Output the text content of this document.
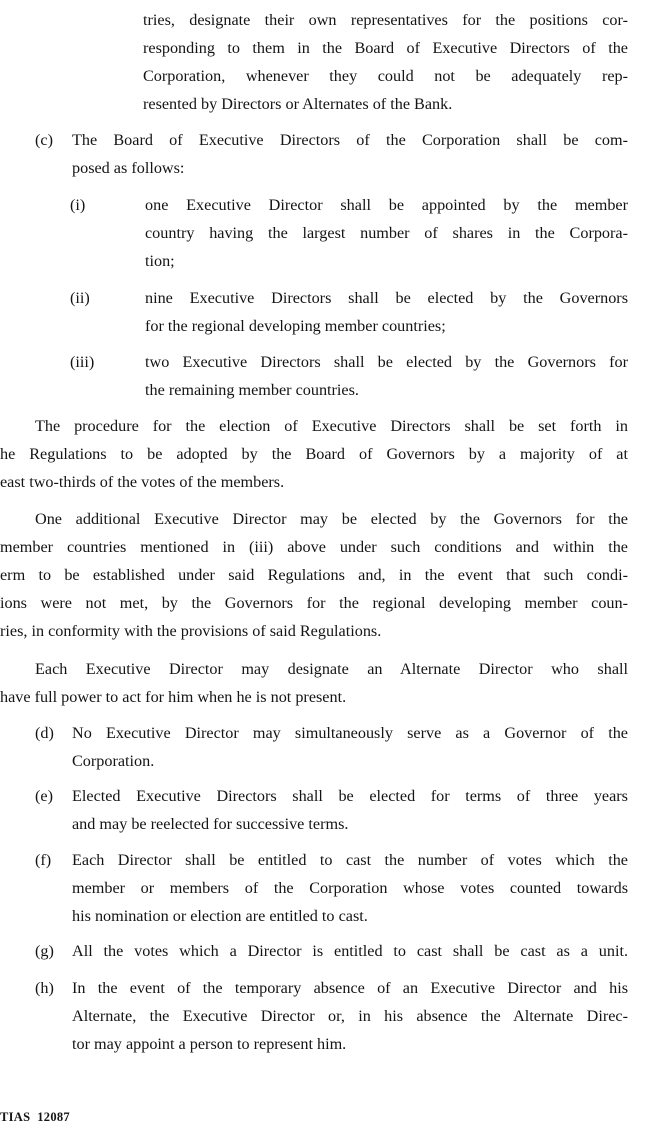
tries, designate their own representatives for the positions cor-
responding to them in the Board of Executive Directors of the
Corporation, whenever they could not be adequately rep-
resented by Directors or Alternates of the Bank.
(c) The Board of Executive Directors of the Corporation shall be com-
posed as follows:
(i)	one Executive Director shall be appointed by the member
country having the largest number of shares in the Corpora-
tion;
(ii)	nine Executive Directors shall be elected by the Governors
for the regional developing member countries;
(iii)	two Executive Directors shall be elected by the Governors for
the remaining member countries.
The procedure for the election of Executive Directors shall be set forth in
he Regulations to be adopted by the Board of Governors by a majority of at
east two-thirds of the votes of the members.
One additional Executive Director may be elected by the Governors for the
member countries mentioned in (iii) above under such conditions and within the
erm to be established under said Regulations and, in the event that such condi-
ions were not met, by the Governors for the regional developing member coun-
ries, in conformity with the provisions of said Regulations.
Each Executive Director may designate an Alternate Director who shall
have full power to act for him when he is not present.
(d) No Executive Director may simultaneously serve as a Governor of the
Corporation.
(e) Elected Executive Directors shall be elected for terms of three years
and may be reelected for successive terms.
(f) Each Director shall be entitled to cast the number of votes which the
member or members of the Corporation whose votes counted towards
his nomination or election are entitled to cast.
(g) All the votes which a Director is entitled to cast shall be cast as a unit.
(h) In the event of the temporary absence of an Executive Director and his
Alternate, the Executive Director or, in his absence the Alternate Direc-
tor may appoint a person to represent him.
TIAS  12087
